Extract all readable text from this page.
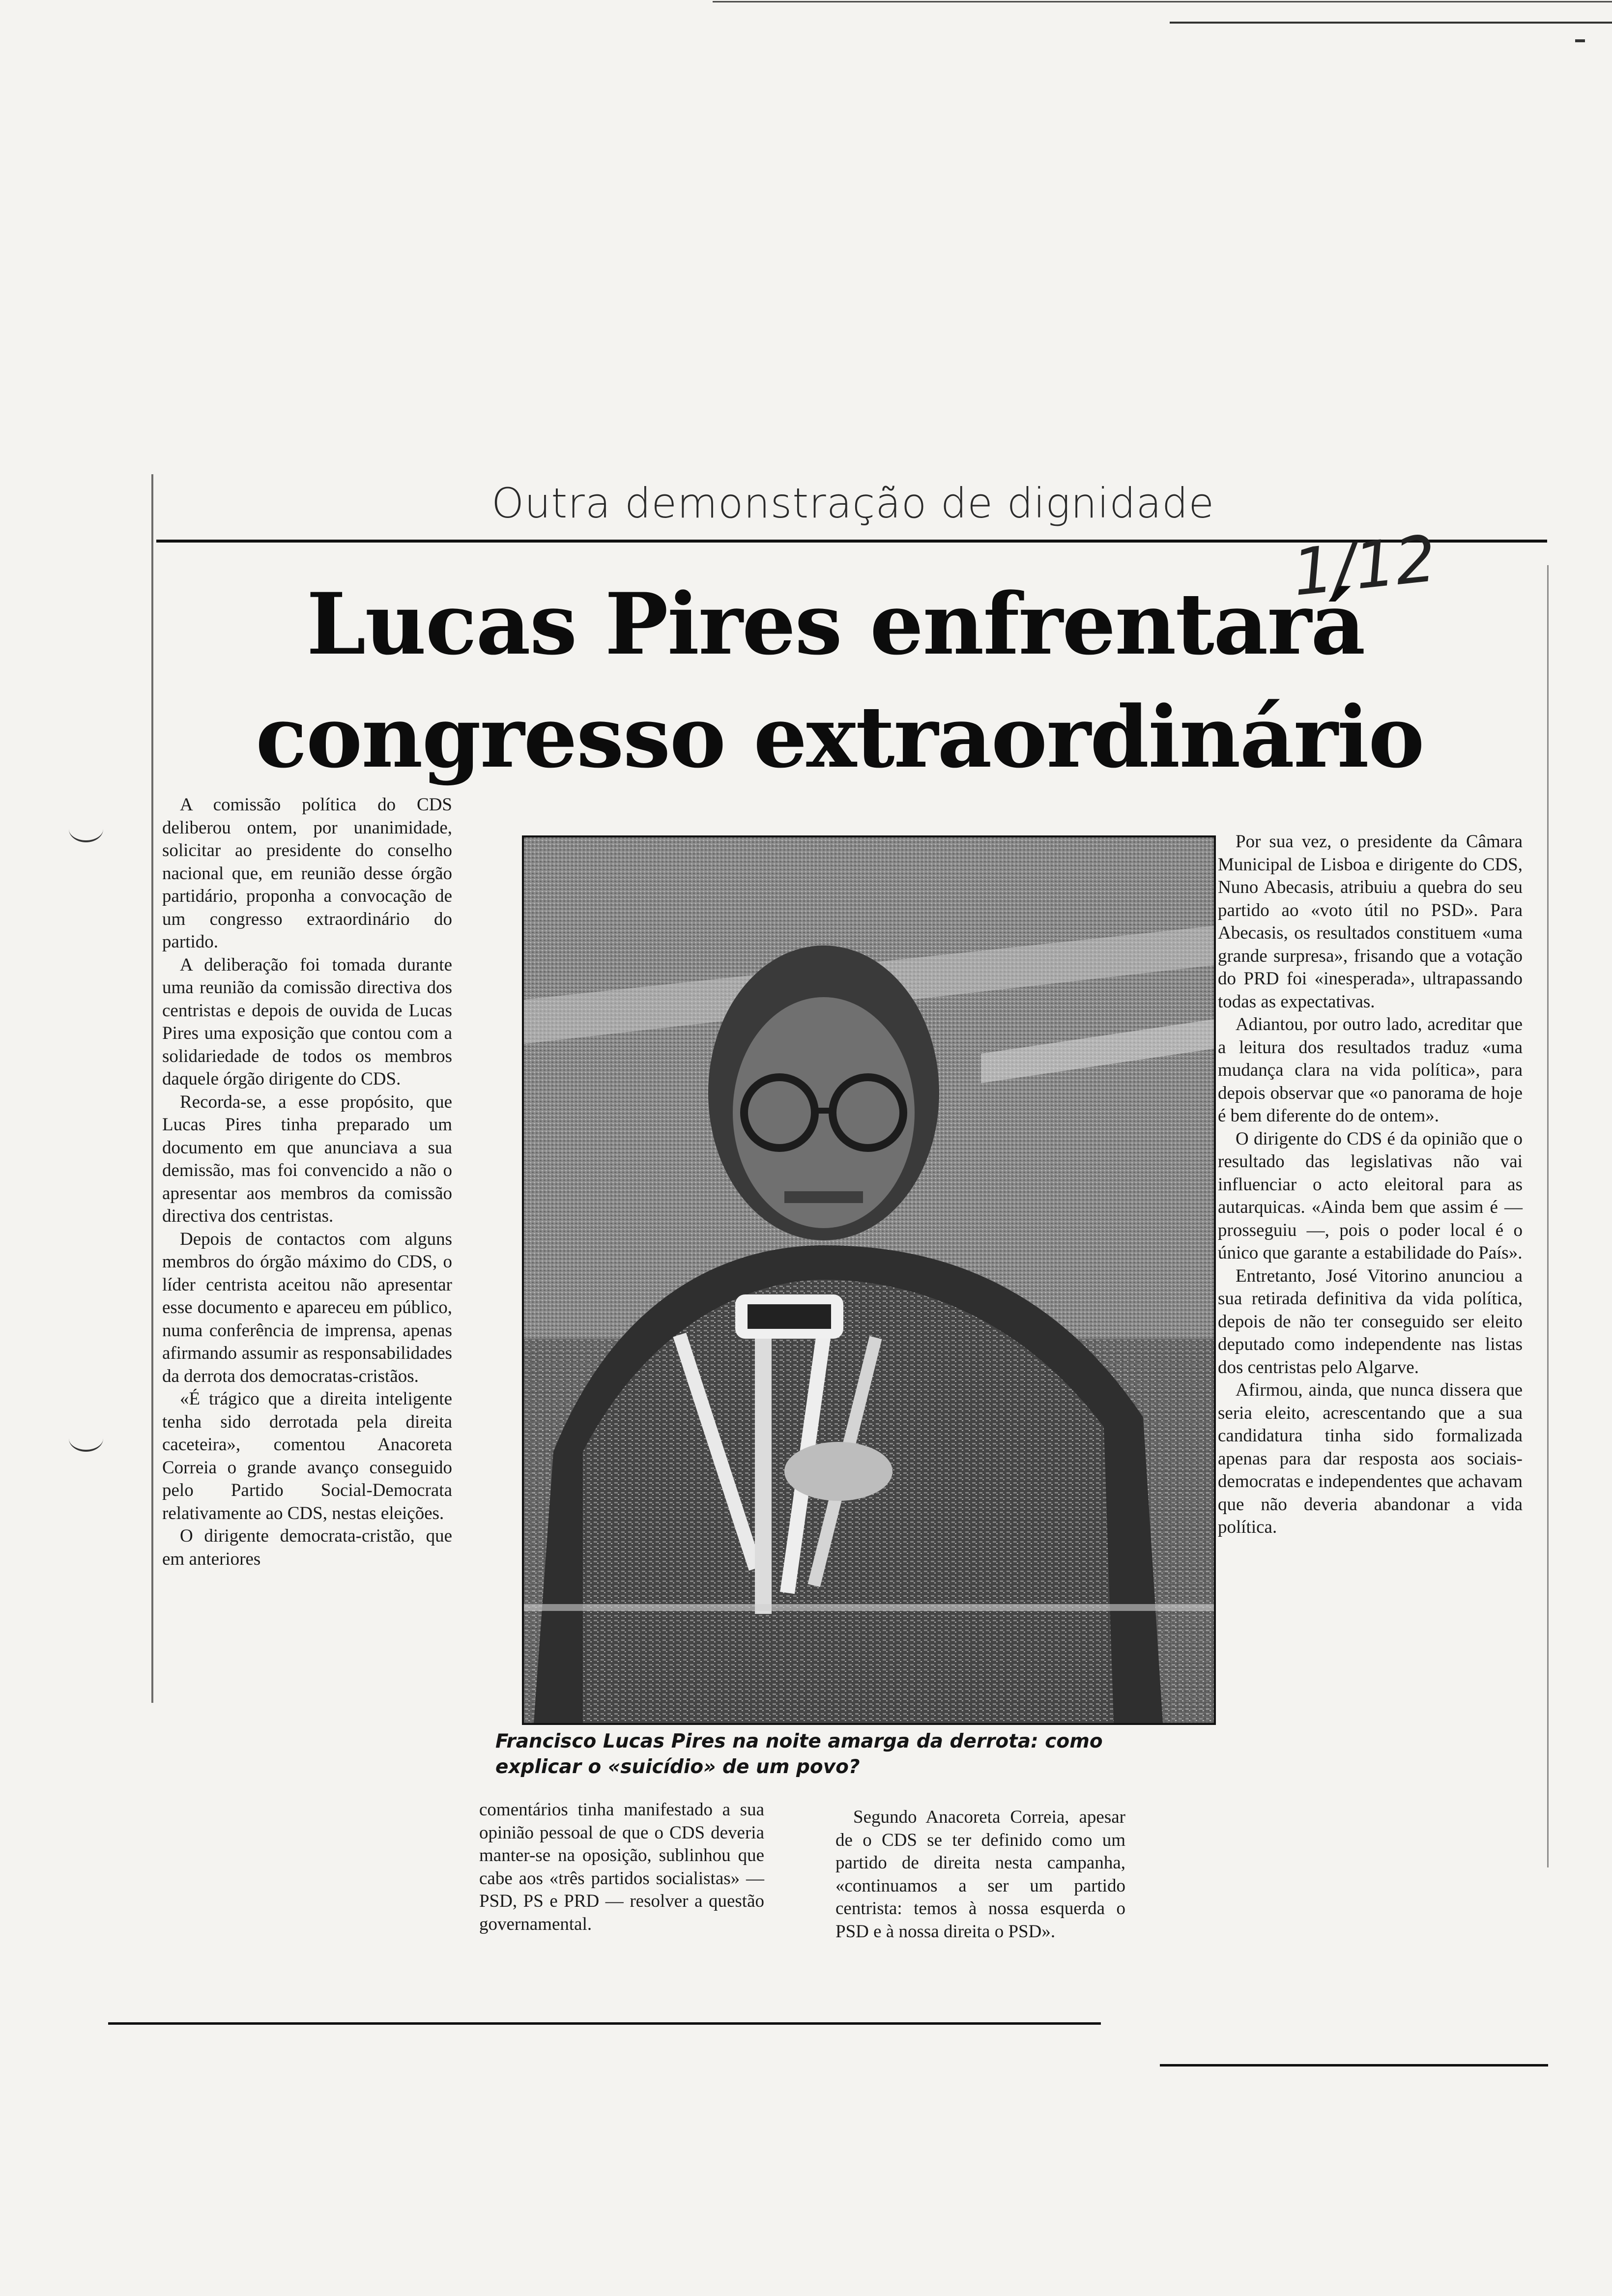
Outra demonstração de dignidade
1/12
Lucas Pires enfrentará
congresso extraordinário

A comissão política do CDS deliberou ontem, por unanimidade, solicitar ao presidente do conselho nacional que, em reunião desse órgão partidário, proponha a convocação de um congresso extraordinário do partido.

A deliberação foi tomada durante uma reunião da comissão directiva dos centristas e depois de ouvida de Lucas Pires uma exposição que contou com a solidariedade de todos os membros daquele órgão dirigente do CDS.

Recorda-se, a esse propósito, que Lucas Pires tinha preparado um documento em que anunciava a sua demissão, mas foi convencido a não o apresentar aos membros da comissão directiva dos centristas.

Depois de contactos com alguns membros do órgão máximo do CDS, o líder centrista aceitou não apresentar esse documento e apareceu em público, numa conferência de imprensa, apenas afirmando assumir as responsabilidades da derrota dos democratas-cristãos.

«É trágico que a direita inteligente tenha sido derrotada pela direita caceteira», comentou Anacoreta Correia o grande avanço conseguido pelo Partido Social-Democrata relativamente ao CDS, nestas eleições.

O dirigente democrata-cristão, que em anteriores

Francisco Lucas Pires na noite amarga da derrota: como explicar o «suicídio» de um povo?

comentários tinha manifestado a sua opinião pessoal de que o CDS deveria manter-se na oposição, sublinhou que cabe aos «três partidos socialistas» — PSD, PS e PRD — resolver a questão governamental.

Segundo Anacoreta Correia, apesar de o CDS se ter definido como um partido de direita nesta campanha, «continuamos a ser um partido centrista: temos à nossa esquerda o PSD e à nossa direita o PSD».

Por sua vez, o presidente da Câmara Municipal de Lisboa e dirigente do CDS, Nuno Abecasis, atribuiu a quebra do seu partido ao «voto útil no PSD». Para Abecasis, os resultados constituem «uma grande surpresa», frisando que a votação do PRD foi «inesperada», ultrapassando todas as expectativas.

Adiantou, por outro lado, acreditar que a leitura dos resultados traduz «uma mudança clara na vida política», para depois observar que «o panorama de hoje é bem diferente do de ontem».

O dirigente do CDS é da opinião que o resultado das legislativas não vai influenciar o acto eleitoral para as autarquicas. «Ainda bem que assim é — prosseguiu —, pois o poder local é o único que garante a estabilidade do País».

Entretanto, José Vitorino anunciou a sua retirada definitiva da vida política, depois de não ter conseguido ser eleito deputado como independente nas listas dos centristas pelo Algarve.

Afirmou, ainda, que nunca dissera que seria eleito, acrescentando que a sua candidatura tinha sido formalizada apenas para dar resposta aos sociais-democratas e independentes que achavam que não deveria abandonar a vida política.
